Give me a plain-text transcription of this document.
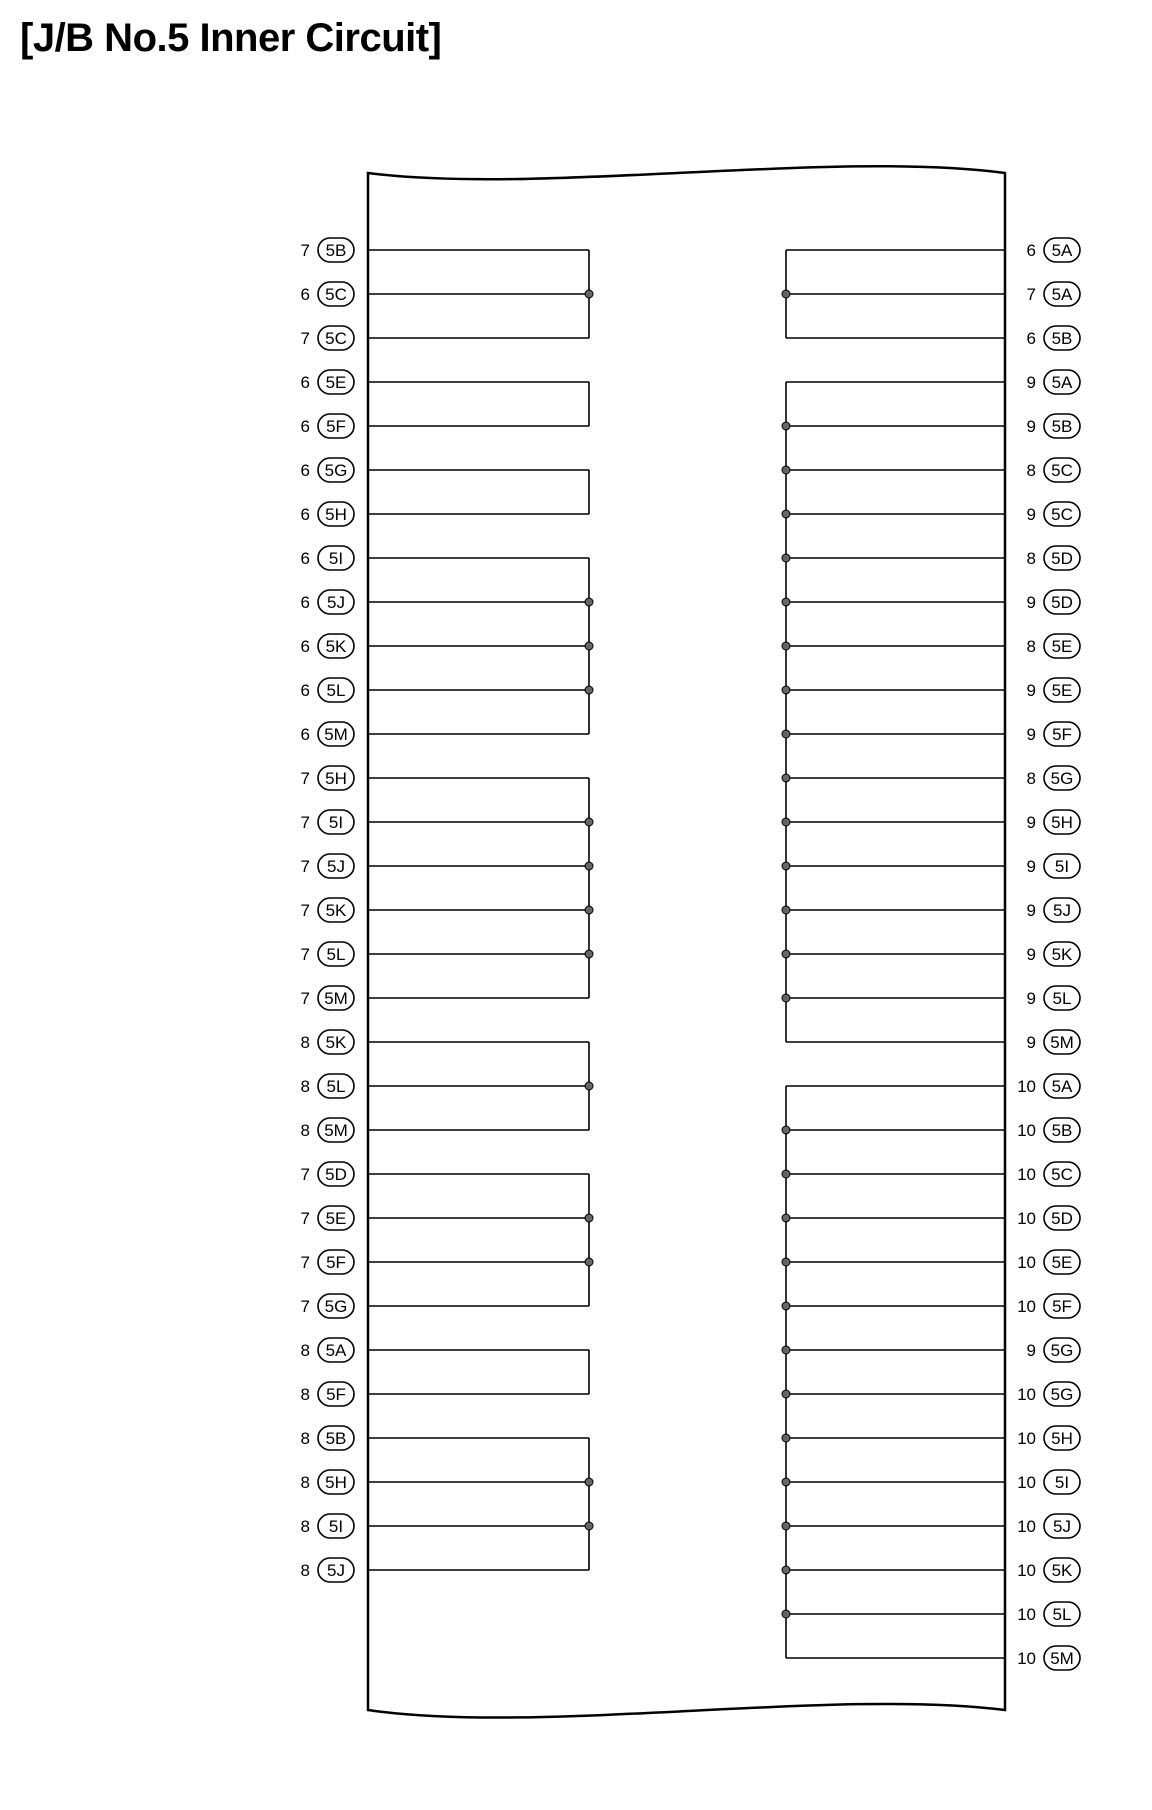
[J/B No.5 Inner Circuit]
7 5B
6 5C
7 5C
6 5E
6 5F
6 5G
6 5H
6 5I
6 5J
6 5K
6 5L
6 5M
7 5H
7 5I
7 5J
7 5K
7 5L
7 5M
8 5K
8 5L
8 5M
7 5D
7 5E
7 5F
7 5G
8 5A
8 5F
8 5B
8 5H
8 5I
8 5J
6 5A
7 5A
6 5B
9 5A
9 5B
8 5C
9 5C
8 5D
9 5D
8 5E
9 5E
9 5F
8 5G
9 5H
9 5I
9 5J
9 5K
9 5L
9 5M
10 5A
10 5B
10 5C
10 5D
10 5E
10 5F
9 5G
10 5G
10 5H
10 5I
10 5J
10 5K
10 5L
10 5M
